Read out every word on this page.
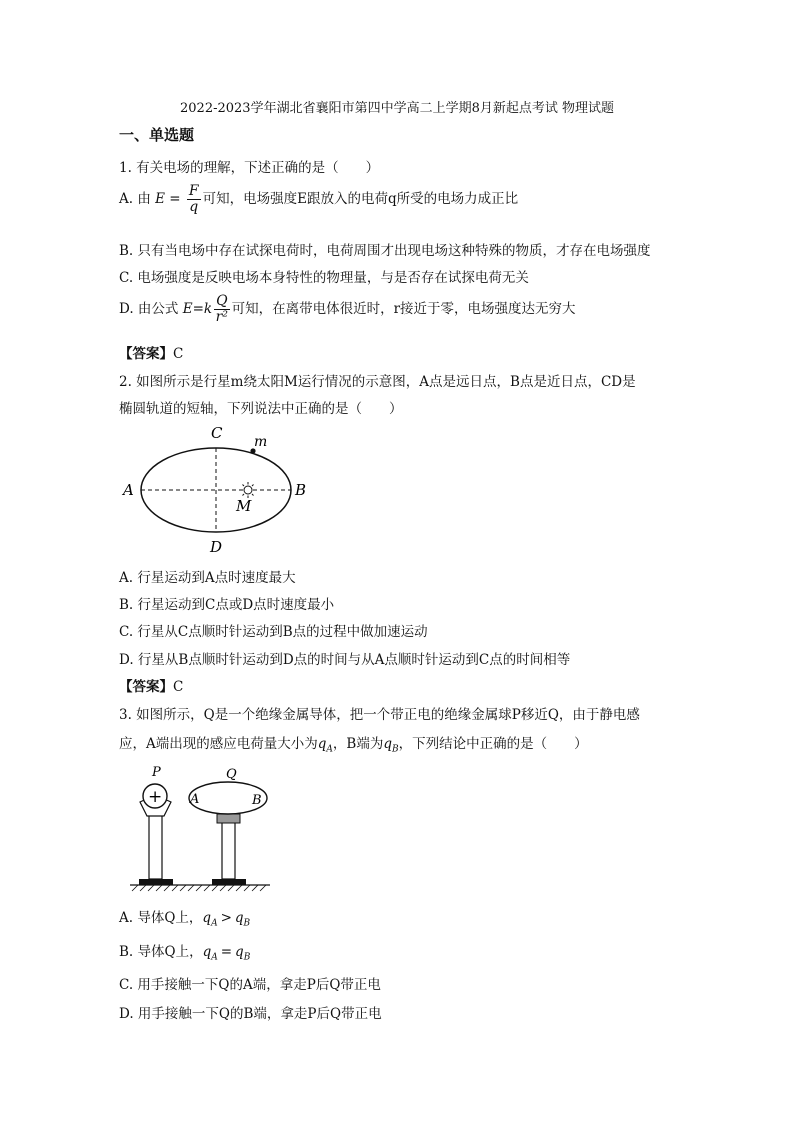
2022-2023学年湖北省襄阳市第四中学高二上学期8月新起点考试 物理试题
一、单选题
1. 有关电场的理解，下述正确的是（　　）
A. 由 $E = \frac{F}{q}$ 可知，电场强度E跟放入的电荷q所受的电场力成正比
B. 只有当电场中存在试探电荷时，电荷周围才出现电场这种特殊的物质，才存在电场强度
C. 电场强度是反映电场本身特性的物理量，与是否存在试探电荷无关
D. 由公式 $E=k \frac{Q}{\text{r²}}$ 可知，在离带电体很近时，r接近于零，电场强度达无穷大
【答案】C
2. 如图所示是行星m绕太阳M运行情况的示意图，A点是远日点，B点是近日点，CD是
椭圆轨道的短轴，下列说法中正确的是（　　）
A	B
C
D
m
M
A. 行星运动到A点时速度最大
B. 行星运动到C点或D点时速度最小
C. 行星从C点顺时针运动到B点的过程中做加速运动
D. 行星从B点顺时针运动到D点的时间与从A点顺时针运动到C点的时间相等
【答案】C
3. 如图所示，Q是一个绝缘金属导体，把一个带正电的绝缘金属球P移近Q，由于静电感
应，A端出现的感应电荷量大小为$q_A$，B端为$q_B$，下列结论中正确的是（　　）
+
P
A	B
Q
A. 导体Q上，$q_A > q_B$
B. 导体Q上，$q_A = q_B$
C. 用手接触一下Q的A端，拿走P后Q带正电
D. 用手接触一下Q的B端，拿走P后Q带正电
